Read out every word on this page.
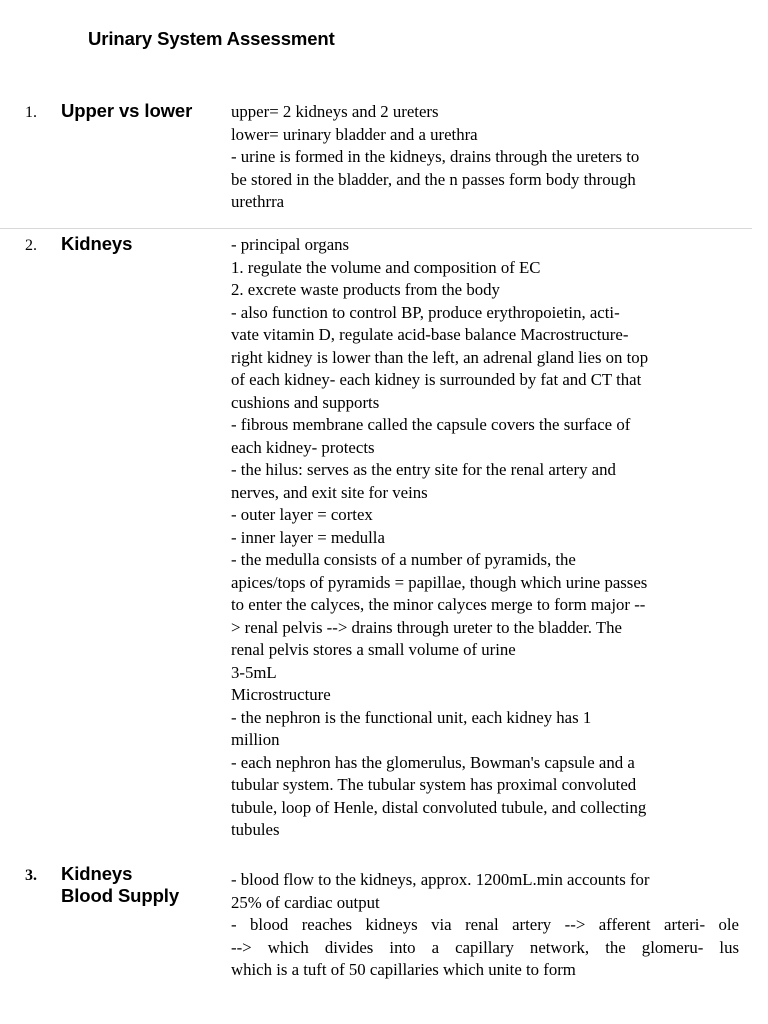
Urinary System Assessment
1. Upper vs lower upper= 2 kidneys and 2 ureters
lower= urinary bladder and a urethra
- urine is formed in the kidneys, drains through the ureters to
be stored in the bladder, and the n passes form body through
urethrra
2. Kidneys	- principal organs
1. regulate the volume and composition of EC
2. excrete waste products from the body
- also function to control BP, produce erythropoietin, acti-
vate vitamin D, regulate acid-base balance Macrostructure-
right kidney is lower than the left, an adrenal gland lies on top
of each kidney- each kidney is surrounded by fat and CT that
cushions and supports
- fibrous membrane called the capsule covers the surface of
each kidney- protects
- the hilus: serves as the entry site for the renal artery and
nerves, and exit site for veins
- outer layer = cortex
- inner layer = medulla
- the medulla consists of a number of pyramids, the
apices/tops of pyramids = papillae, though which urine passes
to enter the calyces, the minor calyces merge to form major --
> renal pelvis --> drains through ureter to the bladder. The
renal pelvis stores a small volume of urine
3-5mL
Microstructure
- the nephron is the functional unit, each kidney has 1
million
- each nephron has the glomerulus, Bowman's capsule and a
tubular system. The tubular system has proximal convoluted
tubule, loop of Henle, distal convoluted tubule, and collecting
tubules
3. Kidneys
Blood Supply
- blood flow to the kidneys, approx. 1200mL.min accounts for
25% of cardiac output
- blood reaches kidneys via renal artery --> afferent arteri- ole
--> which divides into a capillary network, the glomeru- lus
which is a tuft of 50 capillaries which unite to form
